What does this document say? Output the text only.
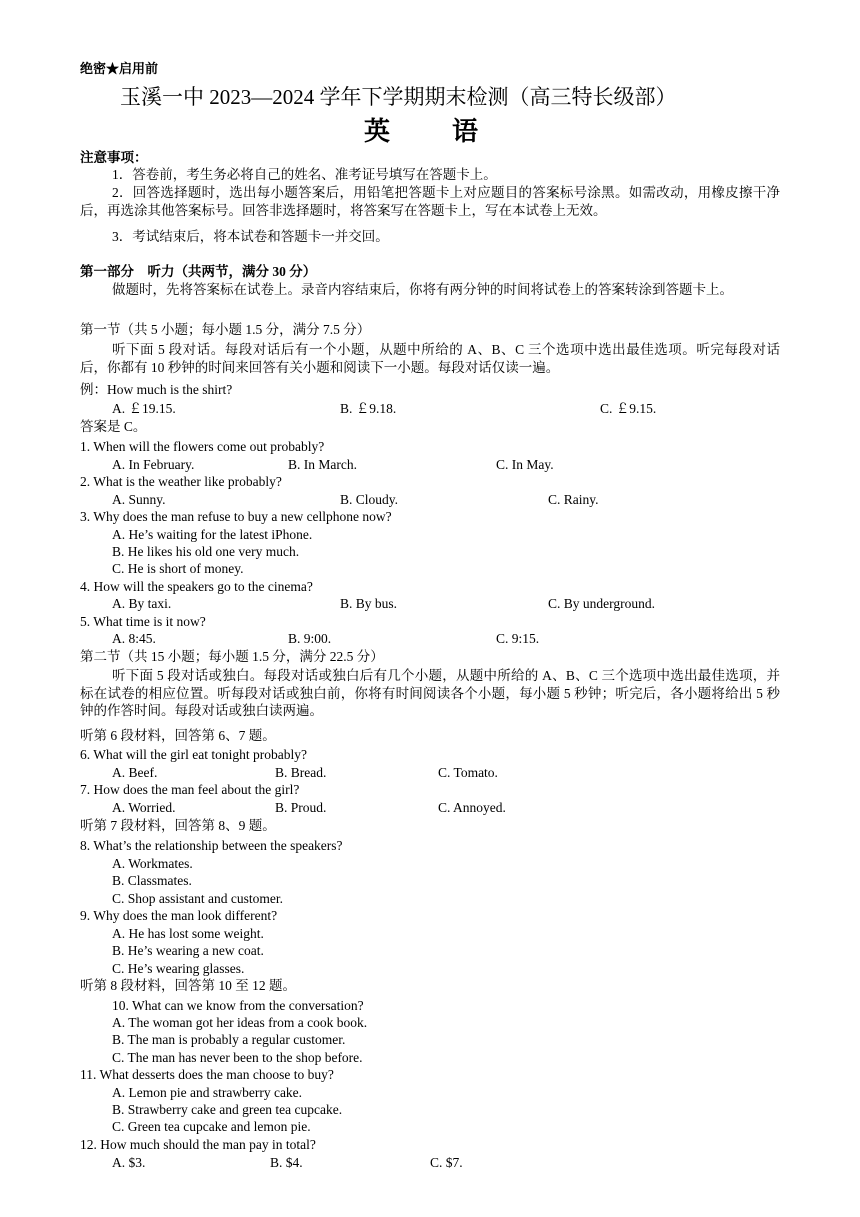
绝密★启用前
玉溪一中 2023—2024 学年下学期期末检测（高三特长级部）
英　语
注意事项：
1．答卷前，考生务必将自己的姓名、准考证号填写在答题卡上。
2．回答选择题时，选出每小题答案后，用铅笔把答题卡上对应题目的答案标号涂黑。如需改动，用橡皮擦干净后，再选涂其他答案标号。回答非选择题时，将答案写在答题卡上，写在本试卷上无效。
3．考试结束后，将本试卷和答题卡一并交回。
第一部分　听力（共两节，满分 30 分）
做题时，先将答案标在试卷上。录音内容结束后，你将有两分钟的时间将试卷上的答案转涂到答题卡上。
第一节（共 5 小题；每小题 1.5 分，满分 7.5 分）
听下面 5 段对话。每段对话后有一个小题，从题中所给的 A、B、C 三个选项中选出最佳选项。听完每段对话后，你都有 10 秒钟的时间来回答有关小题和阅读下一小题。每段对话仅读一遍。
例：How much is the shirt?
A. ￡19.15.	B. ￡9.18.	C. ￡9.15.
答案是 C。
1. When will the flowers come out probably?
A. In February.	B. In March.	C. In May.
2. What is the weather like probably?
A. Sunny.	B. Cloudy.	C. Rainy.
3. Why does the man refuse to buy a new cellphone now?
A. He’s waiting for the latest iPhone.
B. He likes his old one very much.
C. He is short of money.
4. How will the speakers go to the cinema?
A. By taxi.	B. By bus.	C. By underground.
5. What time is it now?
A. 8:45.	B. 9:00.	C. 9:15.
第二节（共 15 小题；每小题 1.5 分，满分 22.5 分）
听下面 5 段对话或独白。每段对话或独白后有几个小题，从题中所给的 A、B、C 三个选项中选出最佳选项，并标在试卷的相应位置。听每段对话或独白前，你将有时间阅读各个小题，每小题 5 秒钟；听完后，各小题将给出 5 秒钟的作答时间。每段对话或独白读两遍。
听第 6 段材料，回答第 6、7 题。
6. What will the girl eat tonight probably?
A. Beef.	B. Bread.	C. Tomato.
7. How does the man feel about the girl?
A. Worried.	B. Proud.	C. Annoyed.
听第 7 段材料，回答第 8、9 题。
8. What’s the relationship between the speakers?
A. Workmates.
B. Classmates.
C. Shop assistant and customer.
9. Why does the man look different?
A. He has lost some weight.
B. He’s wearing a new coat.
C. He’s wearing glasses.
听第 8 段材料，回答第 10 至 12 题。
10. What can we know from the conversation?
A. The woman got her ideas from a cook book.
B. The man is probably a regular customer.
C. The man has never been to the shop before.
11. What desserts does the man choose to buy?
A. Lemon pie and strawberry cake.
B. Strawberry cake and green tea cupcake.
C. Green tea cupcake and lemon pie.
12. How much should the man pay in total?
A. $3.	B. $4.	C. $7.
